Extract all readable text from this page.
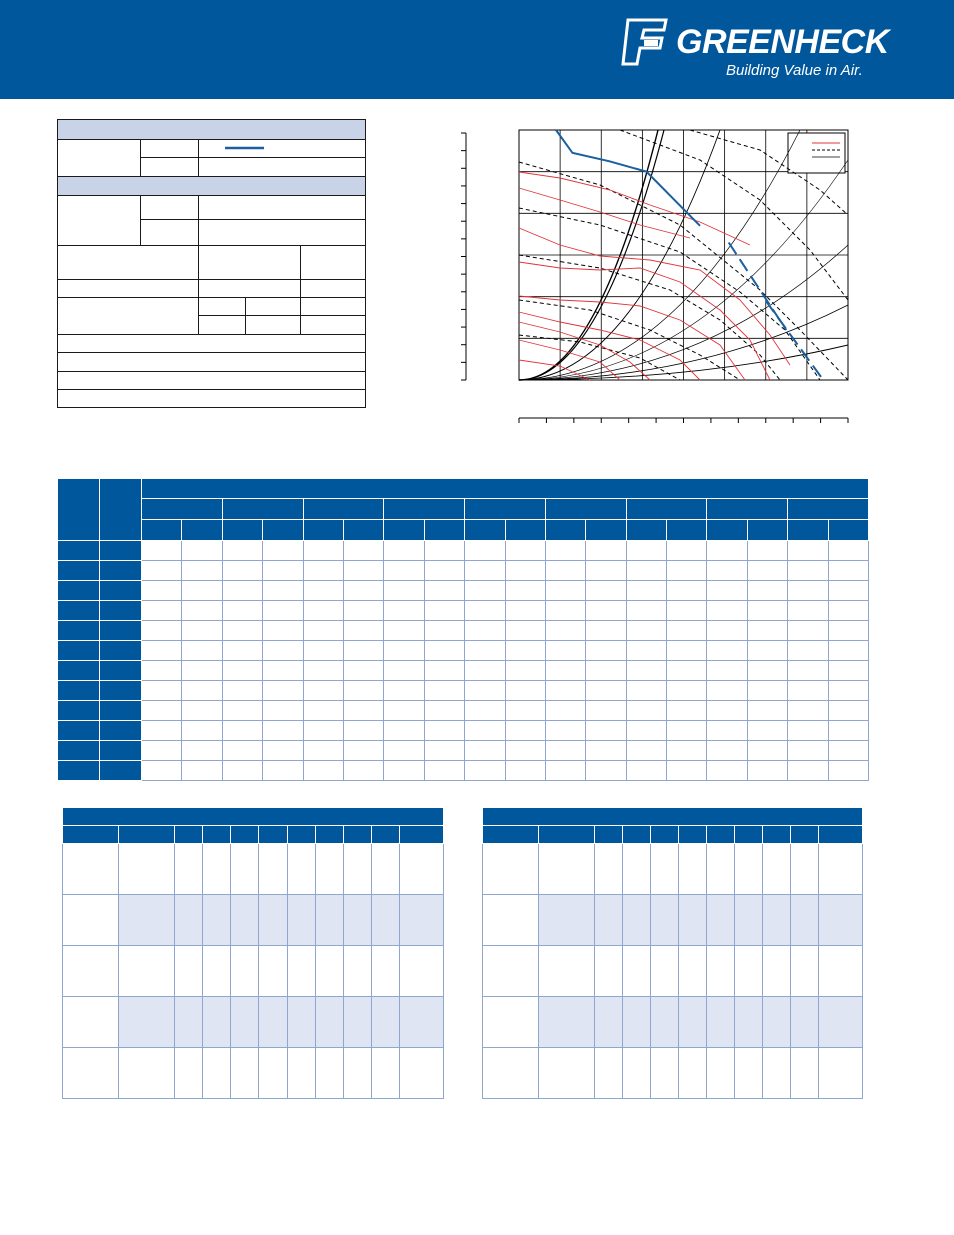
GREENHECK
Building Value in Air.
